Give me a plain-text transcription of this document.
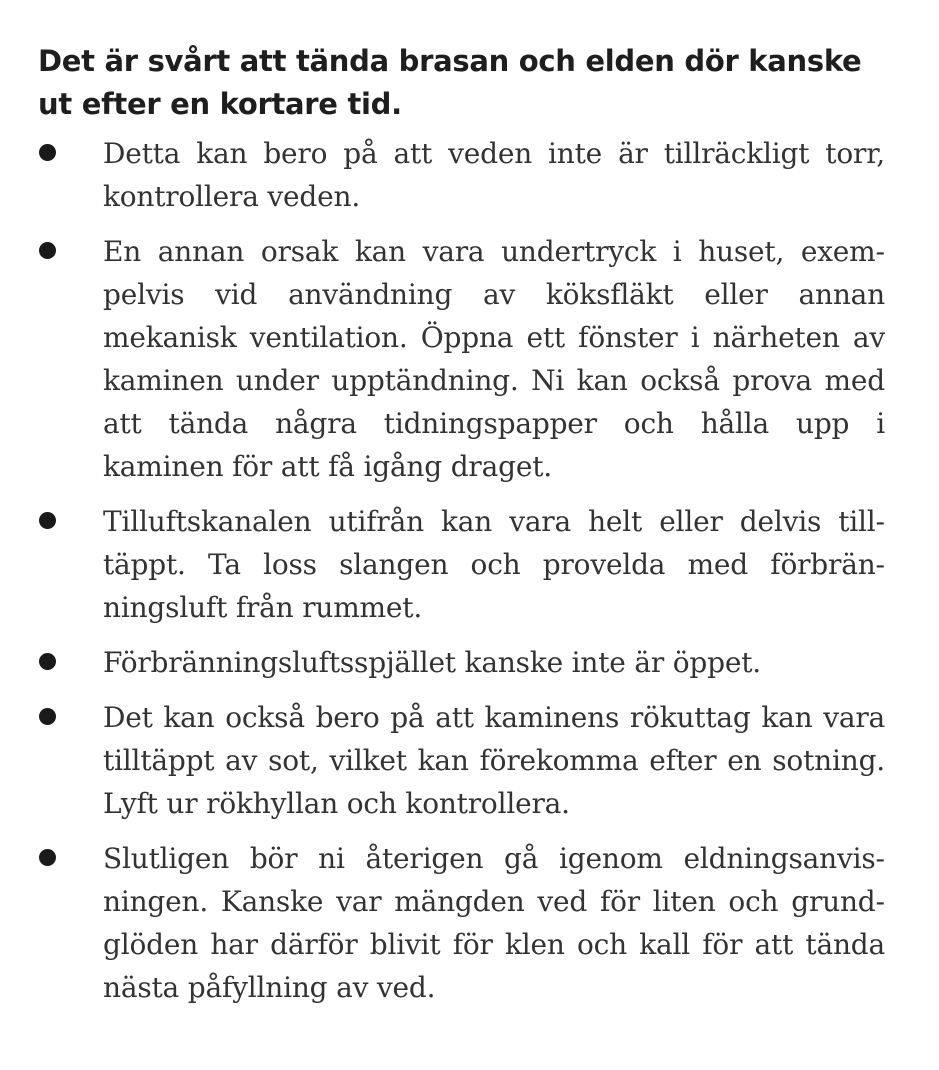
Det är svårt att tända brasan och elden dör kanske ut efter en kortare tid.
Detta kan bero på att veden inte är tillräckligt torr, kontrollera veden.
En annan orsak kan vara undertryck i huset, exempelvis vid användning av köksfläkt eller annan mekanisk ventilation. Öppna ett fönster i närheten av kaminen under upptändning. Ni kan också prova med att tända några tidningspapper och hålla upp i kaminen för att få igång draget.
Tilluftskanalen utifrån kan vara helt eller delvis tilltäppt. Ta loss slangen och provelda med förbränningsluft från rummet.
Förbränningsluftsspjället kanske inte är öppet.
Det kan också bero på att kaminens rökuttag kan vara tilltäppt av sot, vilket kan förekomma efter en sotning. Lyft ur rökhyllan och kontrollera.
Slutligen bör ni återigen gå igenom eldningsanvisningen. Kanske var mängden ved för liten och grundglöden har därför blivit för klen och kall för att tända nästa påfyllning av ved.
